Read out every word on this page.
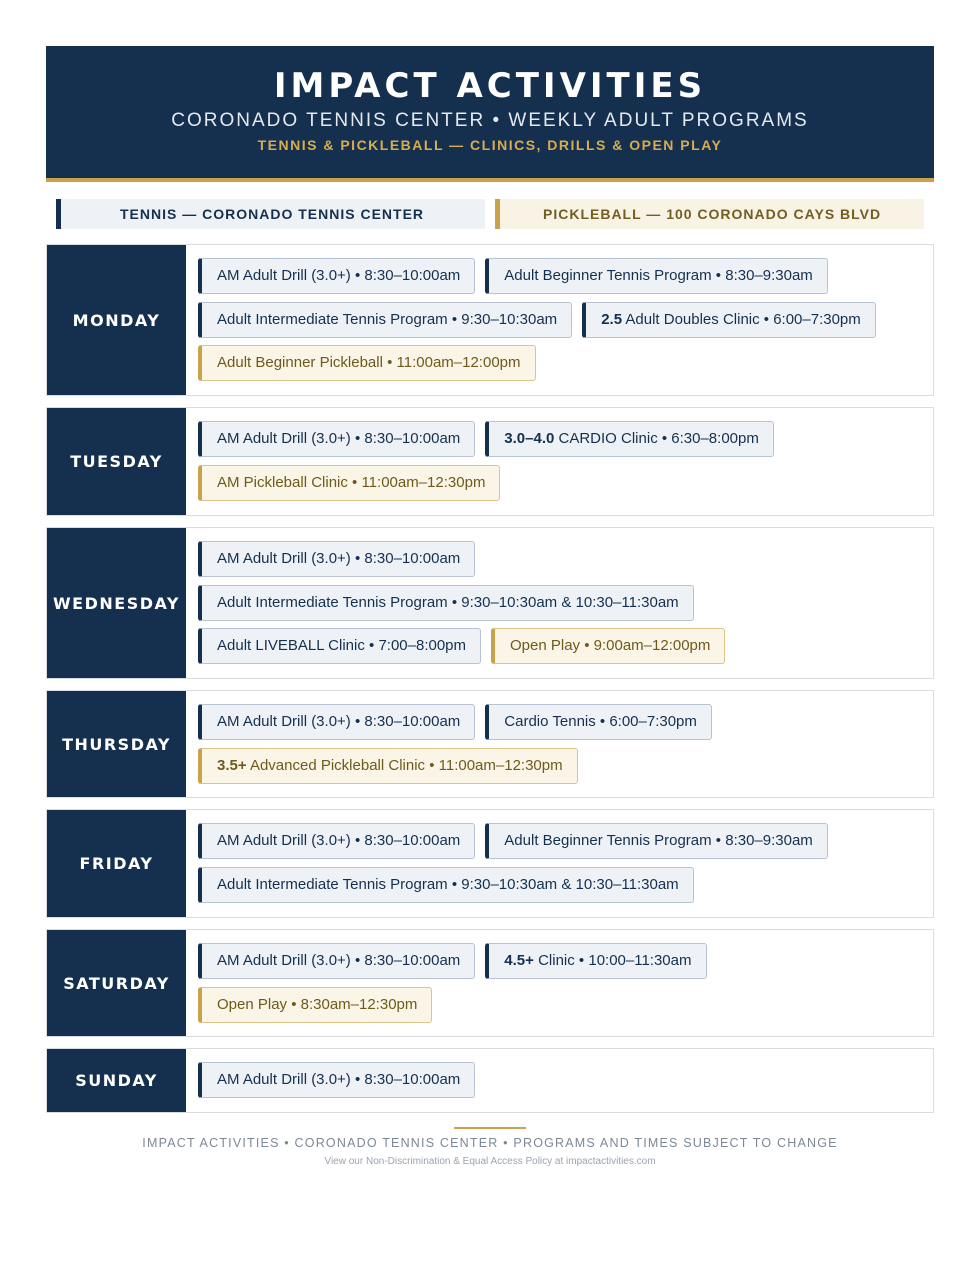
IMPACT ACTIVITIES
CORONADO TENNIS CENTER • WEEKLY ADULT PROGRAMS
TENNIS & PICKLEBALL — CLINICS, DRILLS & OPEN PLAY
TENNIS — CORONADO TENNIS CENTER	PICKLEBALL — 100 CORONADO CAYS BLVD
MONDAY
AM Adult Drill (3.0+) • 8:30–10:00am	Adult Beginner Tennis Program • 8:30–9:30am
Adult Intermediate Tennis Program • 9:30–10:30am	2.5 Adult Doubles Clinic • 6:00–7:30pm
Adult Beginner Pickleball • 11:00am–12:00pm
TUESDAY
AM Adult Drill (3.0+) • 8:30–10:00am	3.0–4.0 CARDIO Clinic • 6:30–8:00pm
AM Pickleball Clinic • 11:00am–12:30pm
WEDNESDAY
AM Adult Drill (3.0+) • 8:30–10:00am
Adult Intermediate Tennis Program • 9:30–10:30am & 10:30–11:30am
Adult LIVEBALL Clinic • 7:00–8:00pm	Open Play • 9:00am–12:00pm
THURSDAY
AM Adult Drill (3.0+) • 8:30–10:00am	Cardio Tennis • 6:00–7:30pm
3.5+ Advanced Pickleball Clinic • 11:00am–12:30pm
FRIDAY
AM Adult Drill (3.0+) • 8:30–10:00am	Adult Beginner Tennis Program • 8:30–9:30am
Adult Intermediate Tennis Program • 9:30–10:30am & 10:30–11:30am
SATURDAY
AM Adult Drill (3.0+) • 8:30–10:00am	4.5+ Clinic • 10:00–11:30am
Open Play • 8:30am–12:30pm
SUNDAY	AM Adult Drill (3.0+) • 8:30–10:00am
IMPACT ACTIVITIES • CORONADO TENNIS CENTER • PROGRAMS AND TIMES SUBJECT TO CHANGE
View our Non-Discrimination & Equal Access Policy at impactactivities.com
